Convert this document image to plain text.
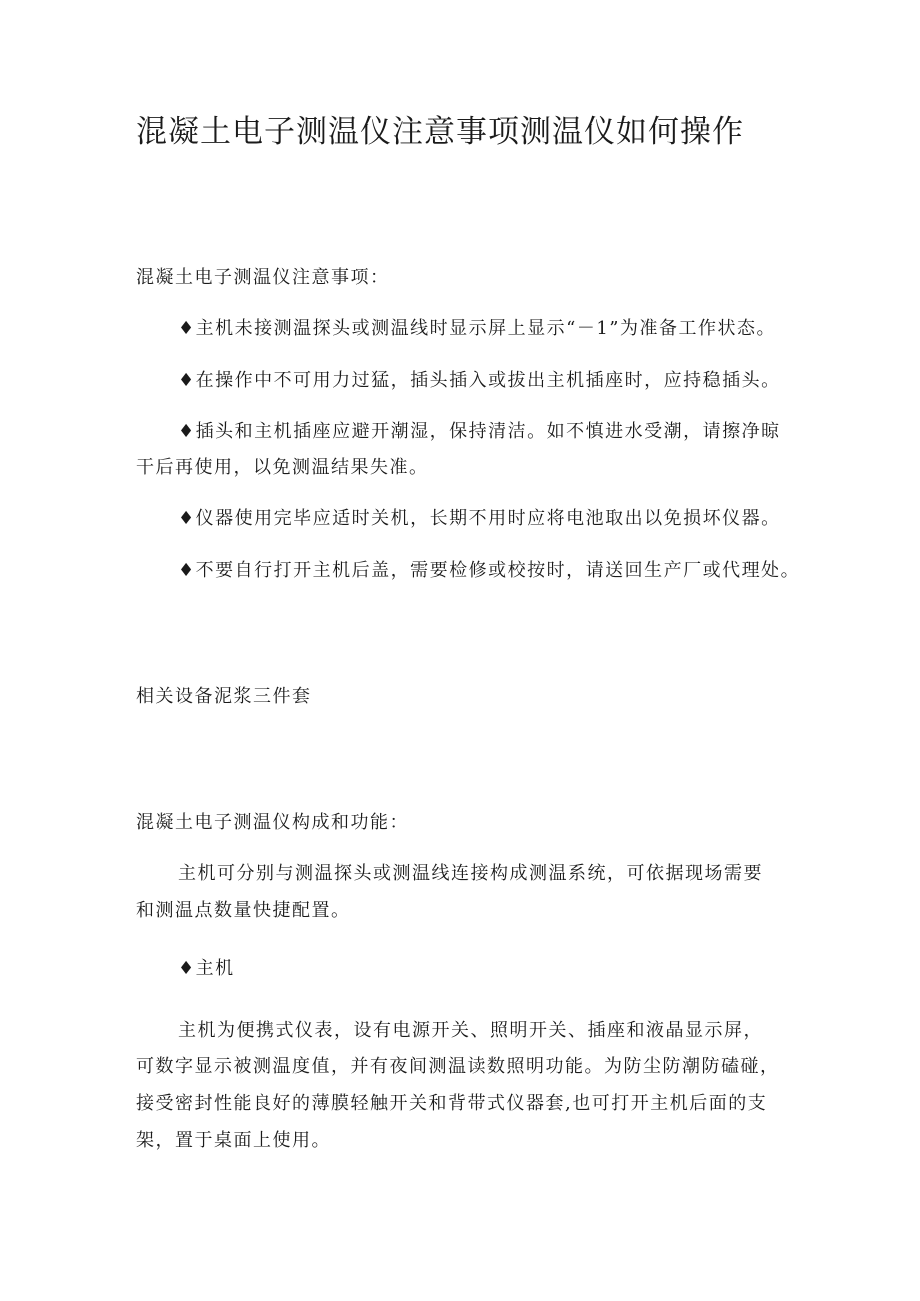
混凝土电子测温仪注意事项测温仪如何操作

混凝土电子测温仪注意事项：

♦主机未接测温探头或测温线时显示屏上显示“－1”为准备工作状态。

♦在操作中不可用力过猛，插头插入或拔出主机插座时，应持稳插头。

♦插头和主机插座应避开潮湿，保持清洁。如不慎进水受潮，请擦净晾

干后再使用，以免测温结果失准。

♦仪器使用完毕应适时关机，长期不用时应将电池取出以免损坏仪器。

♦不要自行打开主机后盖，需要检修或校按时，请送回生产厂或代理处。

相关设备泥浆三件套

混凝土电子测温仪构成和功能：

主机可分别与测温探头或测温线连接构成测温系统，可依据现场需要

和测温点数量快捷配置。

♦主机

主机为便携式仪表，设有电源开关、照明开关、插座和液晶显示屏，

可数字显示被测温度值，并有夜间测温读数照明功能。为防尘防潮防磕碰，

接受密封性能良好的薄膜轻触开关和背带式仪器套,也可打开主机后面的支

架，置于桌面上使用。
